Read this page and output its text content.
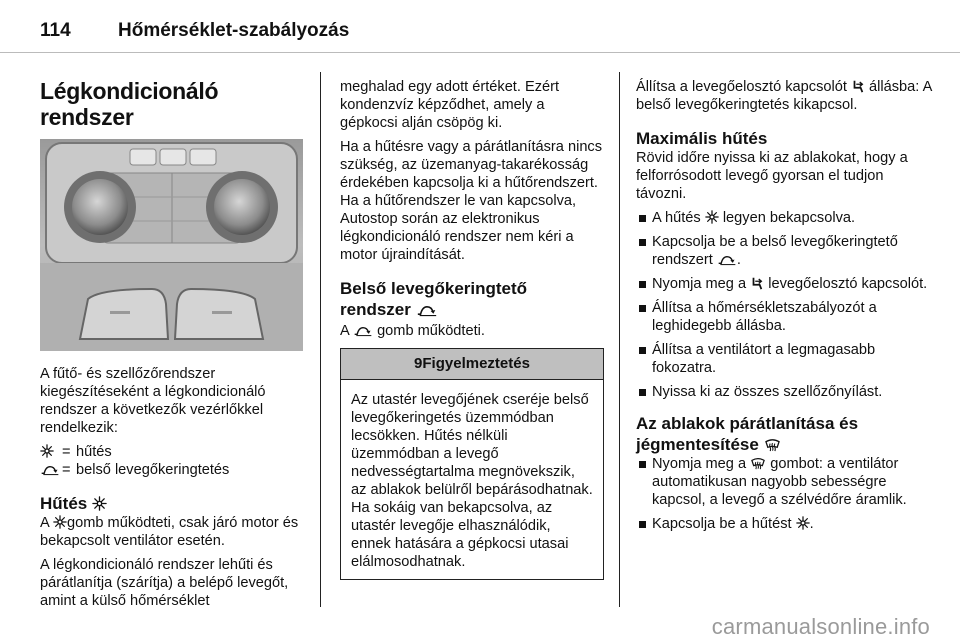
114 Hőmérséklet-szabályozás
Légkondicionáló rendszer

A fűtő- és szellőzőrendszer kiegészítéseként a légkondicionáló rendszer a következők vezérlőkkel rendelkezik:

= hűtés
= belső levegőkeringtetés
Hűtés

A gomb működteti, csak járó motor és bekapcsolt ventilátor esetén.

A légkondicionáló rendszer lehűti és párátlanítja (szárítja) a belépő levegőt, amint a külső hőmérséklet

meghalad egy adott értéket. Ezért kondenzvíz képződhet, amely a gépkocsi alján csöpög ki.

Ha a hűtésre vagy a párátlanításra nincs szükség, az üzemanyag-takarékosság érdekében kapcsolja ki a hűtőrendszert. Ha a hűtőrendszer le van kapcsolva, Autostop során az elektronikus légkondicionáló rendszer nem kéri a motor újraindítását.

Belső levegőkeringtető
rendszer

A gomb működteti.

9Figyelmeztetés
Az utastér levegőjének cseréje belső levegőkeringetés üzemmódban lecsökken. Hűtés nélküli üzemmódban a levegő nedvességtartalma megnövekszik, az ablakok belülről bepárásodhatnak. Ha sokáig van bekapcsolva, az utastér levegője elhasználódik, ennek hatására a gépkocsi utasai elálmosodhatnak.

Állítsa a levegőelosztó kapcsolót állásba: A belső levegőkeringtetés kikapcsol.

Maximális hűtés

Rövid időre nyissa ki az ablakokat, hogy a felforrósodott levegő gyorsan el tudjon távozni.

A hűtés legyen bekapcsolva.
Kapcsolja be a belső levegőkeringtető rendszert .
Nyomja meg a levegőelosztó kapcsolót.
Állítsa a hőmérsékletszabályozót a leghidegebb állásba.
Állítsa a ventilátort a legmagasabb fokozatra.
Nyissa ki az összes szellőzőnyílást.
Az ablakok párátlanítása és
jégmentesítése
Nyomja meg a gombot: a ventilátor automatikusan nagyobb sebességre kapcsol, a levegő a szélvédőre áramlik.
Kapcsolja be a hűtést .
carmanualsonline.info
